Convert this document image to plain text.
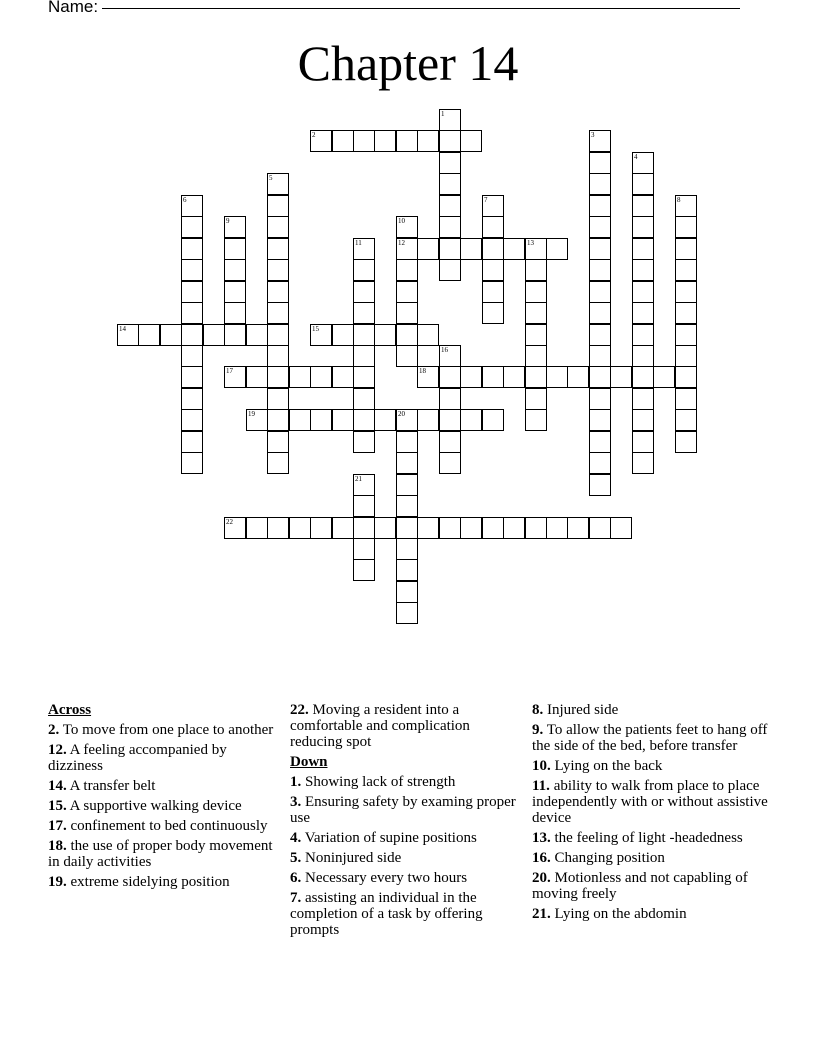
Name:
Chapter 14
1
2	3
4
5
6	7	8
9	10
11	12	13
14	15
16
17	18
19	20
21
22
Across
2. To move from one place to another
12. A feeling accompanied by dizziness
14. A transfer belt
15. A supportive walking device
17. confinement to bed continuously
18. the use of proper body movement in daily activities
19. extreme sidelying position
22. Moving a resident into a comfortable and complication reducing spot
Down
1. Showing lack of strength
3. Ensuring safety by examing proper use
4. Variation of supine positions
5. Noninjured side
6. Necessary every two hours
7. assisting an individual in the completion of a task by offering prompts
8. Injured side
9. To allow the patients feet to hang off the side of the bed, before transfer
10. Lying on the back
11. ability to walk from place to place independently with or without assistive device
13. the feeling of light -headedness
16. Changing position
20. Motionless and not capabling of moving freely
21. Lying on the abdomin
